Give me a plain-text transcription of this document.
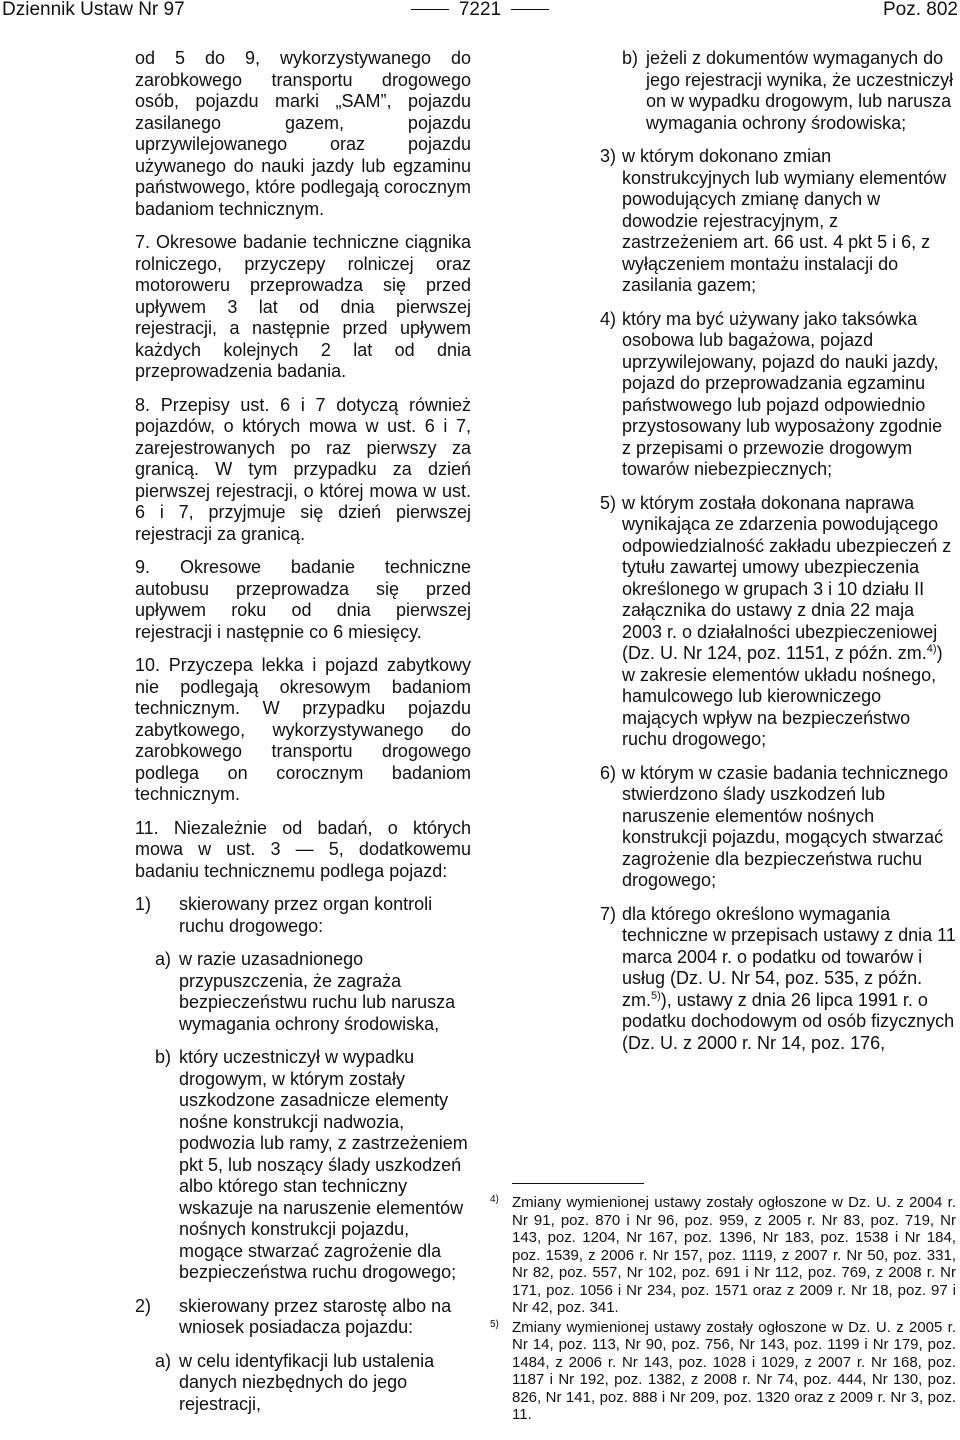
Dziennik Ustaw Nr 97	7221	Poz. 802

od 5 do 9, wykorzystywanego do zarobkowego transportu drogowego osób, pojazdu marki „SAM”, pojazdu zasilanego gazem, pojazdu uprzywilejowanego oraz pojazdu używanego do nauki jazdy lub egzaminu państwowego, które podlegają corocznym badaniom technicznym.

7. Okresowe badanie techniczne ciągnika rolniczego, przyczepy rolniczej oraz motoroweru przeprowadza się przed upływem 3 lat od dnia pierwszej rejestracji, a następnie przed upływem każdych kolejnych 2 lat od dnia przeprowadzenia badania.

8. Przepisy ust. 6 i 7 dotyczą również pojazdów, o których mowa w ust. 6 i 7, zarejestrowanych po raz pierwszy za granicą. W tym przypadku za dzień pierwszej rejestracji, o której mowa w ust. 6 i 7, przyjmuje się dzień pierwszej rejestracji za granicą.

9. Okresowe badanie techniczne autobusu przeprowadza się przed upływem roku od dnia pierwszej rejestracji i następnie co 6 miesięcy.

10. Przyczepa lekka i pojazd zabytkowy nie podlegają okresowym badaniom technicznym. W przypadku pojazdu zabytkowego, wykorzystywanego do zarobkowego transportu drogowego podlega on corocznym badaniom technicznym.

11. Niezależnie od badań, o których mowa w ust. 3 — 5, dodatkowemu badaniu technicznemu podlega pojazd:

1)	skierowany przez organ kontroli ruchu drogowego:
a) w razie uzasadnionego przypuszczenia, że zagraża bezpieczeństwu ruchu lub narusza wymagania ochrony środowiska,
b) który uczestniczył w wypadku drogowym, w którym zostały uszkodzone zasadnicze elementy nośne konstrukcji nadwozia, podwozia lub ramy, z zastrzeżeniem pkt 5, lub noszący ślady uszkodzeń albo którego stan techniczny wskazuje na naruszenie elementów nośnych konstrukcji pojazdu, mogące stwarzać zagrożenie dla bezpieczeństwa ruchu drogowego;
2)	skierowany przez starostę albo na wniosek posiadacza pojazdu:
a) w celu identyfikacji lub ustalenia danych niezbędnych do jego rejestracji,
b) jeżeli z dokumentów wymaganych do jego rejestracji wynika, że uczestniczył on w wypadku drogowym, lub narusza wymagania ochrony środowiska;
3) w którym dokonano zmian konstrukcyjnych lub wymiany elementów powodujących zmianę danych w dowodzie rejestracyjnym, z zastrzeżeniem art. 66 ust. 4 pkt 5 i 6, z wyłączeniem montażu instalacji do zasilania gazem;
4) który ma być używany jako taksówka osobowa lub bagażowa, pojazd uprzywilejowany, pojazd do nauki jazdy, pojazd do przeprowadzania egzaminu państwowego lub pojazd odpowiednio przystosowany lub wyposażony zgodnie z przepisami o przewozie drogowym towarów niebezpiecznych;
5) w którym została dokonana naprawa wynikająca ze zdarzenia powodującego odpowiedzialność zakładu ubezpieczeń z tytułu zawartej umowy ubezpieczenia określonego w grupach 3 i 10 działu II załącznika do ustawy z dnia 22 maja 2003 r. o działalności ubezpieczeniowej (Dz. U. Nr 124, poz. 1151, z późn. zm.$^{4)}$) w zakresie elementów układu nośnego, hamulcowego lub kierowniczego mających wpływ na bezpieczeństwo ruchu drogowego;
6) w którym w czasie badania technicznego stwierdzono ślady uszkodzeń lub naruszenie elementów nośnych konstrukcji pojazdu, mogących stwarzać zagrożenie dla bezpieczeństwa ruchu drogowego;
7) dla którego określono wymagania techniczne w przepisach ustawy z dnia 11 marca 2004 r. o podatku od towarów i usług (Dz. U. Nr 54, poz. 535, z późn. zm.$^{5)}$), ustawy z dnia 26 lipca 1991 r. o podatku dochodowym od osób fizycznych (Dz. U. z 2000 r. Nr 14, poz. 176,
4) Zmiany wymienionej ustawy zostały ogłoszone w Dz. U. z 2004 r. Nr 91, poz. 870 i Nr 96, poz. 959, z 2005 r. Nr 83, poz. 719, Nr 143, poz. 1204, Nr 167, poz. 1396, Nr 183, poz. 1538 i Nr 184, poz. 1539, z 2006 r. Nr 157, poz. 1119, z 2007 r. Nr 50, poz. 331, Nr 82, poz. 557, Nr 102, poz. 691 i Nr 112, poz. 769, z 2008 r. Nr 171, poz. 1056 i Nr 234, poz. 1571 oraz z 2009 r. Nr 18, poz. 97 i Nr 42, poz. 341.
5) Zmiany wymienionej ustawy zostały ogłoszone w Dz. U. z 2005 r. Nr 14, poz. 113, Nr 90, poz. 756, Nr 143, poz. 1199 i Nr 179, poz. 1484, z 2006 r. Nr 143, poz. 1028 i 1029, z 2007 r. Nr 168, poz. 1187 i Nr 192, poz. 1382, z 2008 r. Nr 74, poz. 444, Nr 130, poz. 826, Nr 141, poz. 888 i Nr 209, poz. 1320 oraz z 2009 r. Nr 3, poz. 11.
